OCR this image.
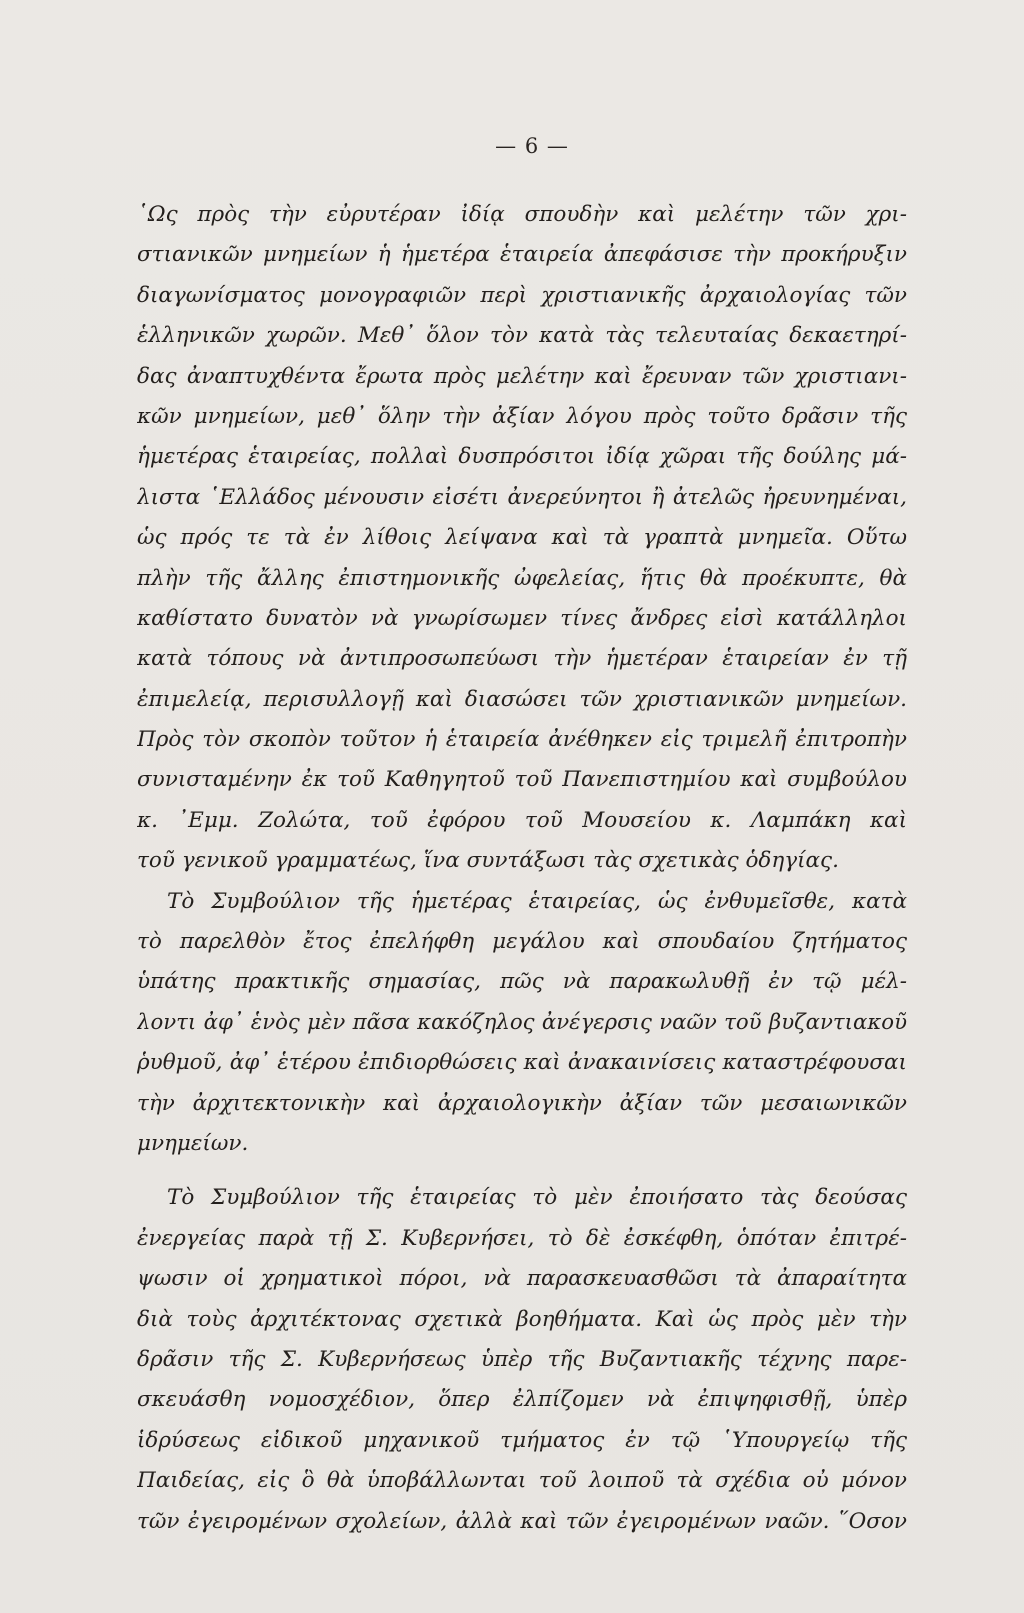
— 6 —
῾Ως πρὸς τὴν εὐρυτέραν ἰδίᾳ σπουδὴν καὶ μελέτην τῶν χρι-
στιανικῶν μνημείων ἡ ἡμετέρα ἑταιρεία ἀπεφάσισε τὴν προκήρυξιν
διαγωνίσματος μονογραφιῶν περὶ χριστιανικῆς ἀρχαιολογίας τῶν
ἑλληνικῶν χωρῶν. Μεθ᾽ ὅλον τὸν κατὰ τὰς τελευταίας δεκαετηρί-
δας ἀναπτυχθέντα ἔρωτα πρὸς μελέτην καὶ ἔρευναν τῶν χριστιανι-
κῶν μνημείων, μεθ᾽ ὅλην τὴν ἀξίαν λόγου πρὸς τοῦτο δρᾶσιν τῆς
ἡμετέρας ἑταιρείας, πολλαὶ δυσπρόσιτοι ἰδίᾳ χῶραι τῆς δούλης μά-
λιστα ῾Ελλάδος μένουσιν εἰσέτι ἀνερεύνητοι ἢ ἀτελῶς ἠρευνημέναι,
ὡς πρός τε τὰ ἐν λίθοις λείψανα καὶ τὰ γραπτὰ μνημεῖα. Οὕτω
πλὴν τῆς ἄλλης ἐπιστημονικῆς ὠφελείας, ἥτις θὰ προέκυπτε, θὰ
καθίστατο δυνατὸν νὰ γνωρίσωμεν τίνες ἄνδρες εἰσὶ κατάλληλοι
κατὰ τόπους νὰ ἀντιπροσωπεύωσι τὴν ἡμετέραν ἑταιρείαν ἐν τῇ
ἐπιμελείᾳ, περισυλλογῇ καὶ διασώσει τῶν χριστιανικῶν μνημείων.
Πρὸς τὸν σκοπὸν τοῦτον ἡ ἑταιρεία ἀνέθηκεν εἰς τριμελῆ ἐπιτροπὴν
συνισταμένην ἐκ τοῦ Καθηγητοῦ τοῦ Πανεπιστημίου καὶ συμβούλου
κ. ᾿Εμμ. Ζολώτα, τοῦ ἐφόρου τοῦ Μουσείου κ. Λαμπάκη καὶ
τοῦ γενικοῦ γραμματέως, ἵνα συντάξωσι τὰς σχετικὰς ὁδηγίας.
Τὸ Συμβούλιον τῆς ἡμετέρας ἑταιρείας, ὡς ἐνθυμεῖσθε, κατὰ
τὸ παρελθὸν ἔτος ἐπελήφθη μεγάλου καὶ σπουδαίου ζητήματος
ὑπάτης πρακτικῆς σημασίας, πῶς νὰ παρακωλυθῇ ἐν τῷ μέλ-
λοντι ἀφ᾽ ἑνὸς μὲν πᾶσα κακόζηλος ἀνέγερσις ναῶν τοῦ βυζαντιακοῦ
ῥυθμοῦ, ἀφ᾽ ἑτέρου ἐπιδιορθώσεις καὶ ἀνακαινίσεις καταστρέφουσαι
τὴν ἀρχιτεκτονικὴν καὶ ἀρχαιολογικὴν ἀξίαν τῶν μεσαιωνικῶν
μνημείων.
Τὸ Συμβούλιον τῆς ἑταιρείας τὸ μὲν ἐποιήσατο τὰς δεούσας
ἐνεργείας παρὰ τῇ Σ. Κυβερνήσει, τὸ δὲ ἐσκέφθη, ὁπόταν ἐπιτρέ-
ψωσιν οἱ χρηματικοὶ πόροι, νὰ παρασκευασθῶσι τὰ ἀπαραίτητα
διὰ τοὺς ἀρχιτέκτονας σχετικὰ βοηθήματα. Καὶ ὡς πρὸς μὲν τὴν
δρᾶσιν τῆς Σ. Κυβερνήσεως ὑπὲρ τῆς Βυζαντιακῆς τέχνης παρε-
σκευάσθη νομοσχέδιον, ὅπερ ἐλπίζομεν νὰ ἐπιψηφισθῇ, ὑπὲρ
ἱδρύσεως εἰδικοῦ μηχανικοῦ τμήματος ἐν τῷ ῾Υπουργείῳ τῆς
Παιδείας, εἰς ὃ θὰ ὑποβάλλωνται τοῦ λοιποῦ τὰ σχέδια οὐ μόνον
τῶν ἐγειρομένων σχολείων, ἀλλὰ καὶ τῶν ἐγειρομένων ναῶν. ῞Οσον
